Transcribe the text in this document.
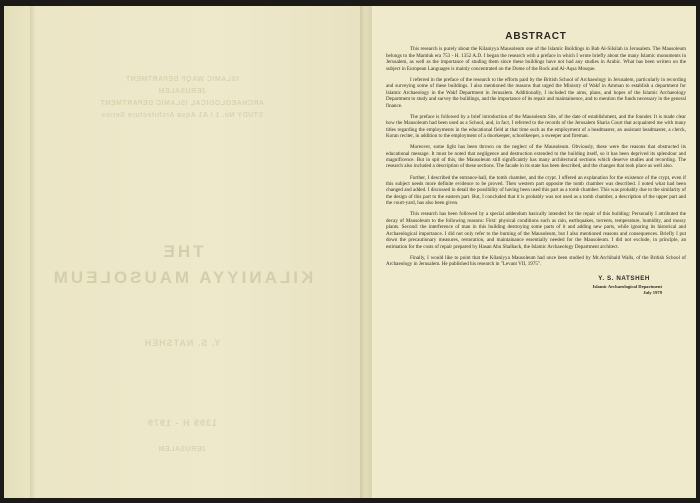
ISLAMIC WAQF DEPARTMENT
JERUSALEM
ARCHAEOLOGICAL ISLAMIC DEPARTMENT
STUDY No. 1 / A1 Aqsa Architecture Series
THE
KILANIYYA MAUSOLEUM
Y. S. NATSHEH
1399 H - 1979
JERUSALEM
ABSTRACT

This research is purely about the Kilaniyya Mausoleum one of the Islamic Buildings in Bab Al-Silsilah in Jerusalem. The Mausoleum belongs to the Mamluk era 753 - H. 1352 A.D. I began the research with a preface in which I wrote briefly about the many Islamic monuments in Jerusalem, as well as the importance of studing them since these buildings have not had any studies in Arabic. What has been written on the subject in European Languages is mainly concentrated on the Dome of the Rock and Al-Aqsa Mosque.

I referred in the preface of the research to the efforts paid by the British School of Archaeology in Jerusalem, particularly in recording and surveying some of these buildings. I also mentioned the reasons that urged the Ministry of Wakf in Amman to establish a department for Islamic Archaeology in the Wakf Department in Jerusalem. Additionally, I included the aims, plans, and hopes of the Islamic Archaeology Department to study and survey the buildings, and the importance of its repair and maintainence, and to mention the funds necessary in the general finance.

The preface is followed by a brief introduction of the Mausoleum Site, of the date of establishment, and the founder. It is made clear how the Mausoleum had been used as a School, and, in fact, I referred to the records of the Jerusalem Sharia Court that acquainted me with many titles regarding the employments in the educational field at that time such as the employment of a headmaster, an assistant headmaster, a clerck, Koran reciter, in addition to the employment of a doorkeeper, schoolkeeper, a sweeper and fireman.

Moreover, some light has been thrown on the neglect of the Mausoleum. Obviously, these were the reasons that obstructed its educational message. It must be noted that negligence and destruction extended to the building itself, so it has been deprived its splendour and magnificence. But in spit of this, the Mausoleum still significantly has many architectural sections which deserve studies and recording. The research also included a description of these sections. The facade in its state has been described, and the changes that took place as well also.

Further, I described the entrance-hall, the tomb chamber, and the crypt. I offered an explanation for the existence of the crypt, even if this subject needs more definite evidence to be proved. Then western part opposite the tomb chamber was described. I noted what had been changed and added. I discussed in detail the possibility of having been used this part as a tomb chamber. This was probably due to the similarity of the design of this part to the eastern part. But, I concluded that it is probably was not used as a tomb chamber, a description of the upper part and the court-yard, has also been given.

This research has been followed by a special addendum basically intended for the repair of this building: Personally I attributed the decay of Mausoleum to the following reasons: First: physical conditions such as rain, earthquakes, torrents, temperature, humidity, and mossy plants. Second: the interference of man in this building destroying some parts of it and adding new parts, while ignoring its historical and Archaeological importance. I did not only refer to the burning of the Mausoleum, but I also mentioned reasons and consequences. Briefly I put down the precautionary measures, restoration, and maintainance essentially needed for the Mausoleum. I did not exclude, in principle, an estimation for the costs of repair prepared by Hasan Abu Shalback, the Islamic Archaeology Department architect.

Finally, I would like to point that the Kilaniyya Mausoleum had once been studied by Mr.Archibald Walls, of the British School of Archaeology in Jerusalem. He published his research in "Levant VII, 1975".

Y. S. NATSHEH
Islamic Archaeological Department
July 1979
